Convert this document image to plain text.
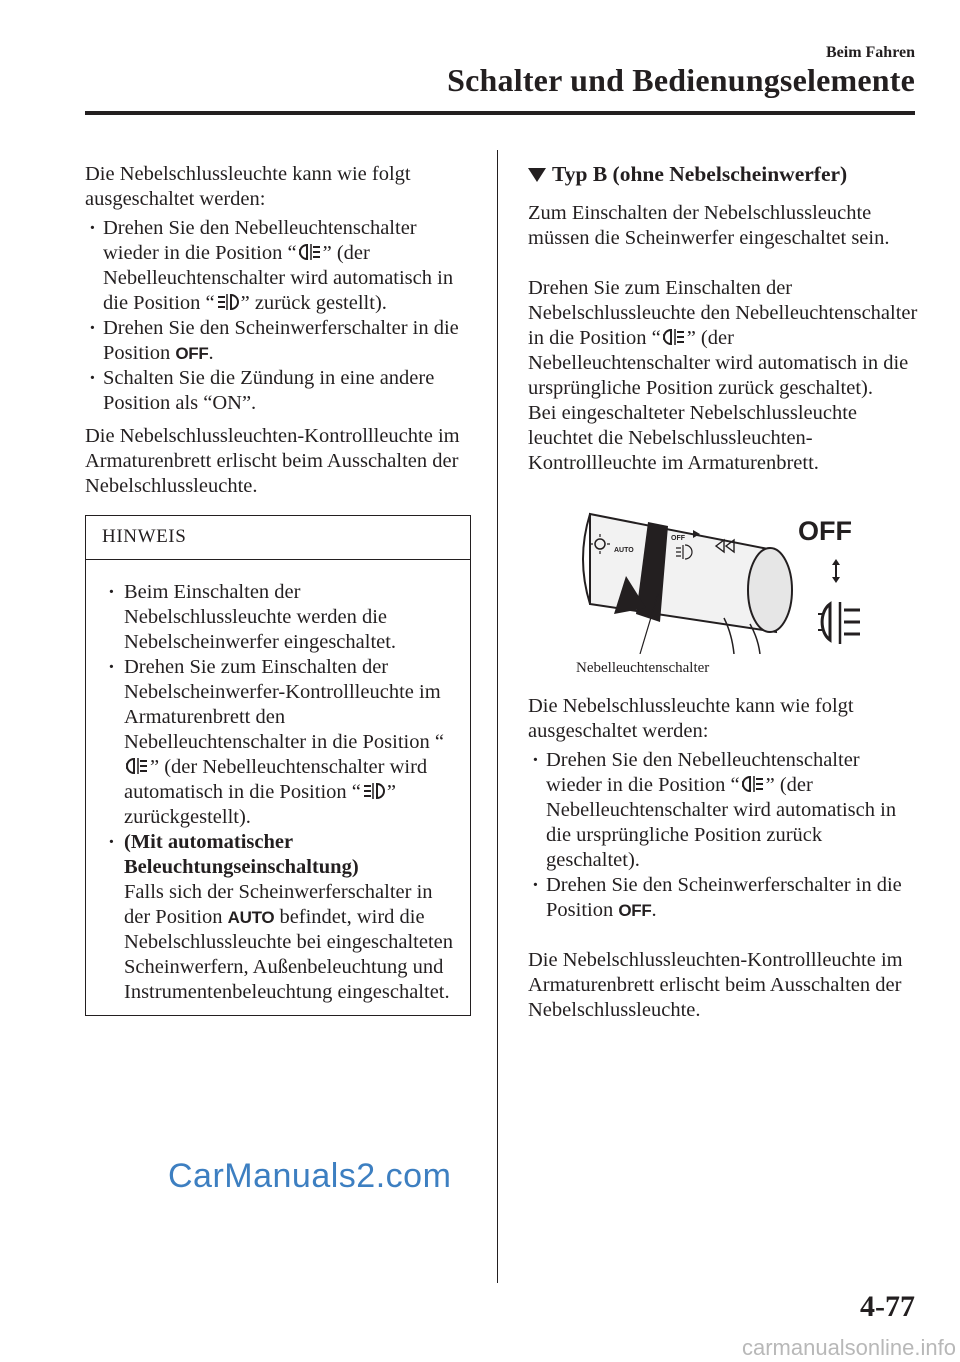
Beim Fahren
Schalter und Bedienungselemente

Die Nebelschlussleuchte kann wie folgt ausgeschaltet werden:

· Drehen Sie den Nebelleuchtenschalter wieder in die Position “ ” (der Nebelleuchtenschalter wird automatisch in die Position “ ” zurück gestellt).
· Drehen Sie den Scheinwerferschalter in die Position OFF.
· Schalten Sie die Zündung in eine andere Position als “ON”.

Die Nebelschlussleuchten-Kontrollleuchte im Armaturenbrett erlischt beim Ausschalten der Nebelschlussleuchte.

HINWEIS
· Beim Einschalten der Nebelschlussleuchte werden die Nebelscheinwerfer eingeschaltet.
· Drehen Sie zum Einschalten der Nebelscheinwerfer-Kontrollleuchte im Armaturenbrett den Nebelleuchtenschalter in die Position “” (der Nebelleuchtenschalter wird automatisch in die Position “ ” zurückgestellt).
· (Mit automatischer Beleuchtungseinschaltung)
Falls sich der Scheinwerferschalter in der Position AUTO befindet, wird die Nebelschlussleuchte bei eingeschalteten Scheinwerfern, Außenbeleuchtung und Instrumentenbeleuchtung eingeschaltet.

Typ B (ohne Nebelscheinwerfer)

Zum Einschalten der Nebelschlussleuchte müssen die Scheinwerfer eingeschaltet sein.

Drehen Sie zum Einschalten der Nebelschlussleuchte den Nebelleuchtenschalter in die Position “ ” (der Nebelleuchtenschalter wird automatisch in die ursprüngliche Position zurück geschaltet).

Bei eingeschalteter Nebelschlussleuchte leuchtet die Nebelschlussleuchten-Kontrollleuchte im Armaturenbrett.

AUTO
OFF	OFF
Nebelleuchtenschalter

Die Nebelschlussleuchte kann wie folgt ausgeschaltet werden:

· Drehen Sie den Nebelleuchtenschalter wieder in die Position “ ” (der Nebelleuchtenschalter wird automatisch in die ursprüngliche Position zurück geschaltet).
· Drehen Sie den Scheinwerferschalter in die Position OFF.

Die Nebelschlussleuchten-Kontrollleuchte im Armaturenbrett erlischt beim Ausschalten der Nebelschlussleuchte.

CarManuals2.com
4-77
carmanualsonline.info
